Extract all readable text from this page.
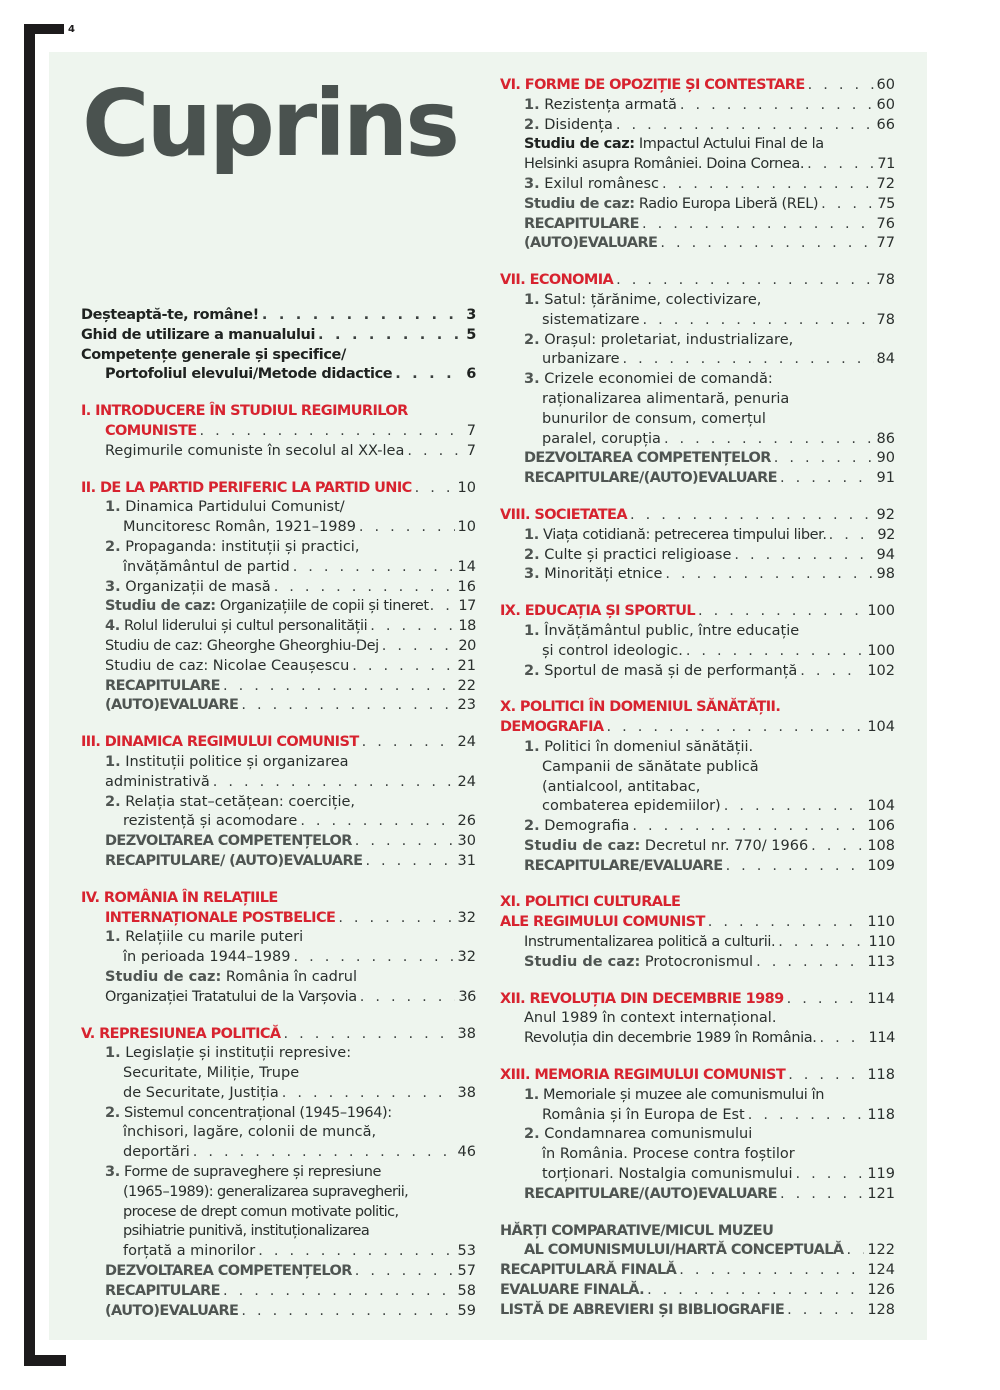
4
Cuprins
Deșteaptă-te, române! . . .	3
Ghid de utilizare a manualului . . .	5
Competențe generale și specifice/
Portofoliul elevului/Metode didactice . . .	6
I. INTRODUCERE ÎN STUDIUL REGIMURILOR
COMUNISTE . . .	7
Regimurile comuniste în secolul al XX-lea . . .	7
II. DE LA PARTID PERIFERIC LA PARTID UNIC . . .	10
1. Dinamica Partidului Comunist/
Muncitoresc Român, 1921–1989 . . .	10
2. Propaganda: instituții și practici,
învățământul de partid . . .	14
3. Organizații de masă . . .	16
Studiu de caz: Organizațiile de copii și tineret . . . 17
4. Rolul liderului și cultul personalității . . .	18
Studiu de caz: Gheorghe Gheorghiu-Dej . . .	20
Studiu de caz: Nicolae Ceaușescu . . .	21
RECAPITULARE . . .	22
(AUTO)EVALUARE . . .	23
III. DINAMICA REGIMULUI COMUNIST . . .	24
1. Instituții politice și organizarea
administrativă . . .	24
2. Relația stat–cetățean: coerciție,
rezistență și acomodare . . .	26
DEZVOLTAREA COMPETENȚELOR . . .	30
RECAPITULARE/ (AUTO)EVALUARE . . .	31
IV. ROMÂNIA ÎN RELAȚIILE
INTERNAȚIONALE POSTBELICE . . .	32
1. Relațiile cu marile puteri
în perioada 1944–1989 . . .	32
Studiu de caz: România în cadrul
Organizației Tratatului de la Varșovia . . .	36
V. REPRESIUNEA POLITICĂ . . .	38
1. Legislație și instituții represive:
Securitate, Miliție, Trupe
de Securitate, Justiția . . .	38
2. Sistemul concentrațional (1945–1964):
închisori, lagăre, colonii de muncă,
deportări . . .	46
3. Forme de supraveghere și represiune
(1965–1989): generalizarea supravegherii,
procese de drept comun motivate politic,
psihiatrie punitivă, instituționalizarea
forțată a minorilor . . .	53
DEZVOLTAREA COMPETENȚELOR . . .	57
RECAPITULARE . . .	58
(AUTO)EVALUARE . . .	59
VI. FORME DE OPOZIȚIE ȘI CONTESTARE . . .	60
1. Rezistența armată . . .	60
2. Disidența . . .	66
Studiu de caz: Impactul Actului Final de la
Helsinki asupra României. Doina Cornea. . . .	71
3. Exilul românesc . . .	72
Studiu de caz: Radio Europa Liberă (REL) . . .	75
RECAPITULARE . . .	76
(AUTO)EVALUARE . . .	77
VII. ECONOMIA . . .	78
1. Satul: țărănime, colectivizare,
sistematizare . . .	78
2. Orașul: proletariat, industrializare,
urbanizare . . .	84
3. Crizele economiei de comandă:
raționalizarea alimentară, penuria
bunurilor de consum, comerțul
paralel, corupția . . .	86
DEZVOLTAREA COMPETENȚELOR . . .	90
RECAPITULARE/(AUTO)EVALUARE . . .	91
VIII. SOCIETATEA . . .	92
1. Viața cotidiană: petrecerea timpului liber. . . .	92
2. Culte și practici religioase . . .	94
3. Minorități etnice . . .	98
IX. EDUCAȚIA ȘI SPORTUL . . .	100
1. Învățământul public, între educație
și control ideologic. . . .	100
2. Sportul de masă și de performanță . . .	102
X. POLITICI ÎN DOMENIUL SĂNĂTĂȚII.
DEMOGRAFIA . . .	104
1. Politici în domeniul sănătății.
Campanii de sănătate publică
(antialcool, antitabac,
combaterea epidemiilor) . . .	104
2. Demografia . . .	106
Studiu de caz: Decretul nr. 770/ 1966 . . .	108
RECAPITULARE/EVALUARE . . .	109
XI. POLITICI CULTURALE
ALE REGIMULUI COMUNIST . . .	110
Instrumentalizarea politică a culturii. . . .	110
Studiu de caz: Protocronismul . . .	113
XII. REVOLUȚIA DIN DECEMBRIE 1989 . . .	114
Anul 1989 în context internațional.
Revoluția din decembrie 1989 în România. . . .	114
XIII. MEMORIA REGIMULUI COMUNIST . . .	118
1. Memoriale și muzee ale comunismului în
România și în Europa de Est . . .	118
2. Condamnarea comunismului
în România. Procese contra foștilor
torționari. Nostalgia comunismului . . .	119
RECAPITULARE/(AUTO)EVALUARE . . .	121
HĂRȚI COMPARATIVE/MICUL MUZEU
AL COMUNISMULUI/HARTĂ CONCEPTUALĂ . . . 122
RECAPITULARĂ FINALĂ . . .	124
EVALUARE FINALĂ. . . .	126
LISTĂ DE ABREVIERI ȘI BIBLIOGRAFIE . . .	128
